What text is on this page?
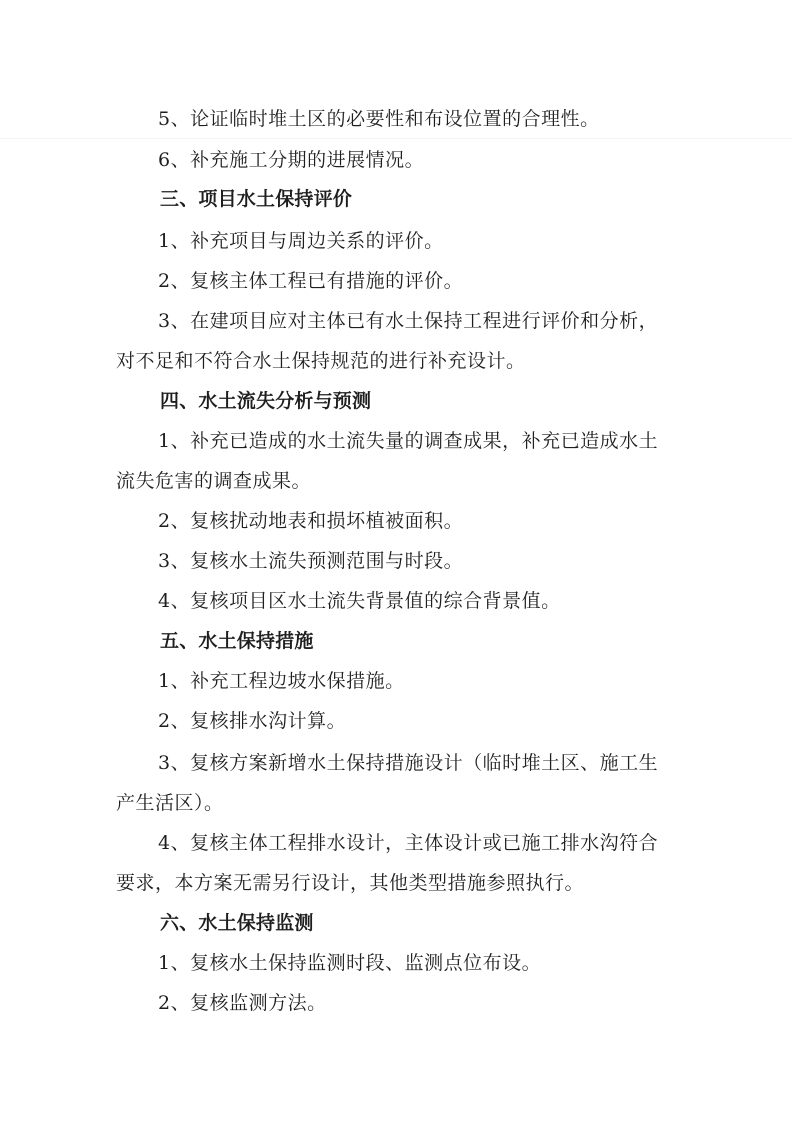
5、论证临时堆土区的必要性和布设位置的合理性。

6、补充施工分期的进展情况。

三、项目水土保持评价

1、补充项目与周边关系的评价。

2、复核主体工程已有措施的评价。

3、在建项目应对主体已有水土保持工程进行评价和分析，

对不足和不符合水土保持规范的进行补充设计。

四、水土流失分析与预测

1、补充已造成的水土流失量的调查成果，补充已造成水土

流失危害的调查成果。

2、复核扰动地表和损坏植被面积。

3、复核水土流失预测范围与时段。

4、复核项目区水土流失背景值的综合背景值。

五、水土保持措施

1、补充工程边坡水保措施。

2、复核排水沟计算。

3、复核方案新增水土保持措施设计（临时堆土区、施工生

产生活区）。

4、复核主体工程排水设计，主体设计或已施工排水沟符合

要求，本方案无需另行设计，其他类型措施参照执行。

六、水土保持监测

1、复核水土保持监测时段、监测点位布设。

2、复核监测方法。
